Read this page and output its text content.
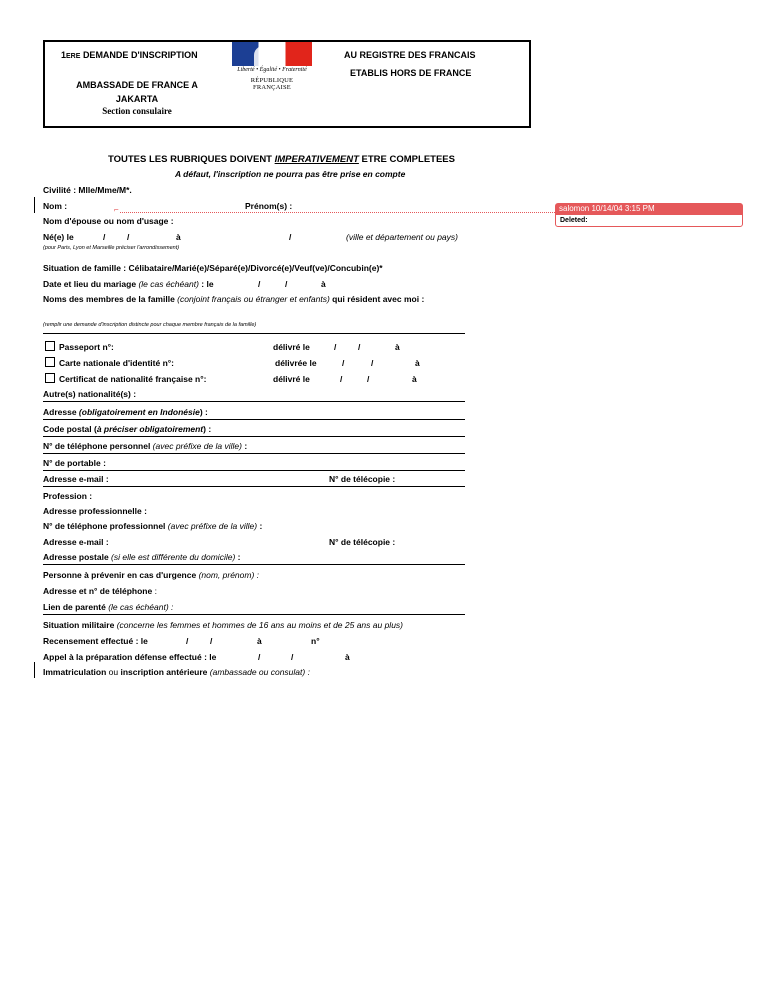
1ERE DEMANDE D'INSCRIPTION	AU REGISTRE DES FRANCAIS
ETABLIS HORS DE FRANCE
AMBASSADE DE FRANCE A
JAKARTA
Section consulaire
Liberté • Égalité • Fraternité
RÉPUBLIQUE FRANÇAISE
TOUTES LES RUBRIQUES DOIVENT IMPERATIVEMENT ETRE COMPLETEES
A défaut, l'inscription ne pourra pas être prise en compte
Civilité : Mlle/Mme/M*.
Nom :	⌐	Prénom(s) :	salomon 10/14/04 3:15 PM
Deleted:
Nom d'épouse ou nom d'usage :
Né(e) le	/	/	à	/	(ville et département ou pays)
(pour Paris, Lyon et Marseille préciser l'arrondissement)
Situation de famille : Célibataire/Marié(e)/Séparé(e)/Divorcé(e)/Veuf(ve)/Concubin(e)*
Date et lieu du mariage (le cas échéant) : le	/	/	à
Noms des membres de la famille (conjoint français ou étranger et enfants) qui résident avec moi :
(remplir une demande d'inscription distincte pour chaque membre français de la famille)
Passeport n°:	délivré le	/	/	à
Carte nationale d'identité n°:	délivrée le	/	/	à
Certificat de nationalité française n°:	délivré le	/	/	à
Autre(s) nationalité(s) :
Adresse (obligatoirement en Indonésie) :
Code postal (à préciser obligatoirement) :
N° de téléphone personnel (avec préfixe de la ville) :
N° de portable :
Adresse e-mail :	N° de télécopie :
Profession :
Adresse professionnelle :
N° de téléphone professionnel (avec préfixe de la ville) :
Adresse e-mail :	N° de télécopie :
Adresse postale (si elle est différente du domicile) :
Personne à prévenir en cas d'urgence (nom, prénom) :
Adresse et n° de téléphone :
Lien de parenté (le cas échéant) :
Situation militaire (concerne les femmes et hommes de 16 ans au moins et de 25 ans au plus)
Recensement effectué : le	/	/	à	n°
Appel à la préparation défense effectué : le	/	/	à
Immatriculation ou inscription antérieure (ambassade ou consulat) :
